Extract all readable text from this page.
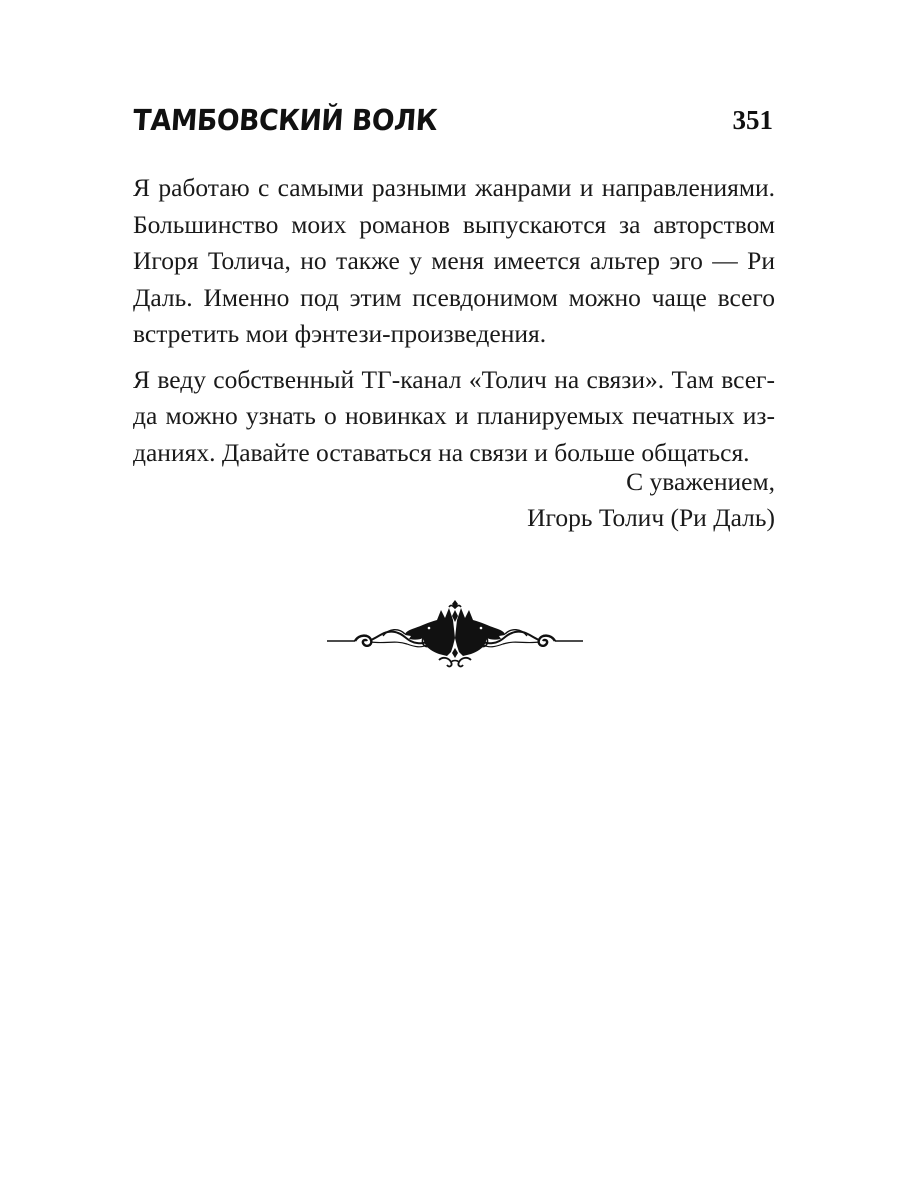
ТАМБОВСКИЙ ВОЛК	351
Я работаю с самыми разными жанрами и направлениями.
Большинство моих романов выпускаются за авторством
Игоря Толича, но также у меня имеется альтер эго — Ри
Даль. Именно под этим псевдонимом можно чаще всего
встретить мои фэнтези-произведения.
Я веду собственный ТГ-канал «Толич на связи». Там всег-
да можно узнать о новинках и планируемых печатных из-
даниях. Давайте оставаться на связи и больше общаться.
С уважением,
Игорь Толич (Ри Даль)
